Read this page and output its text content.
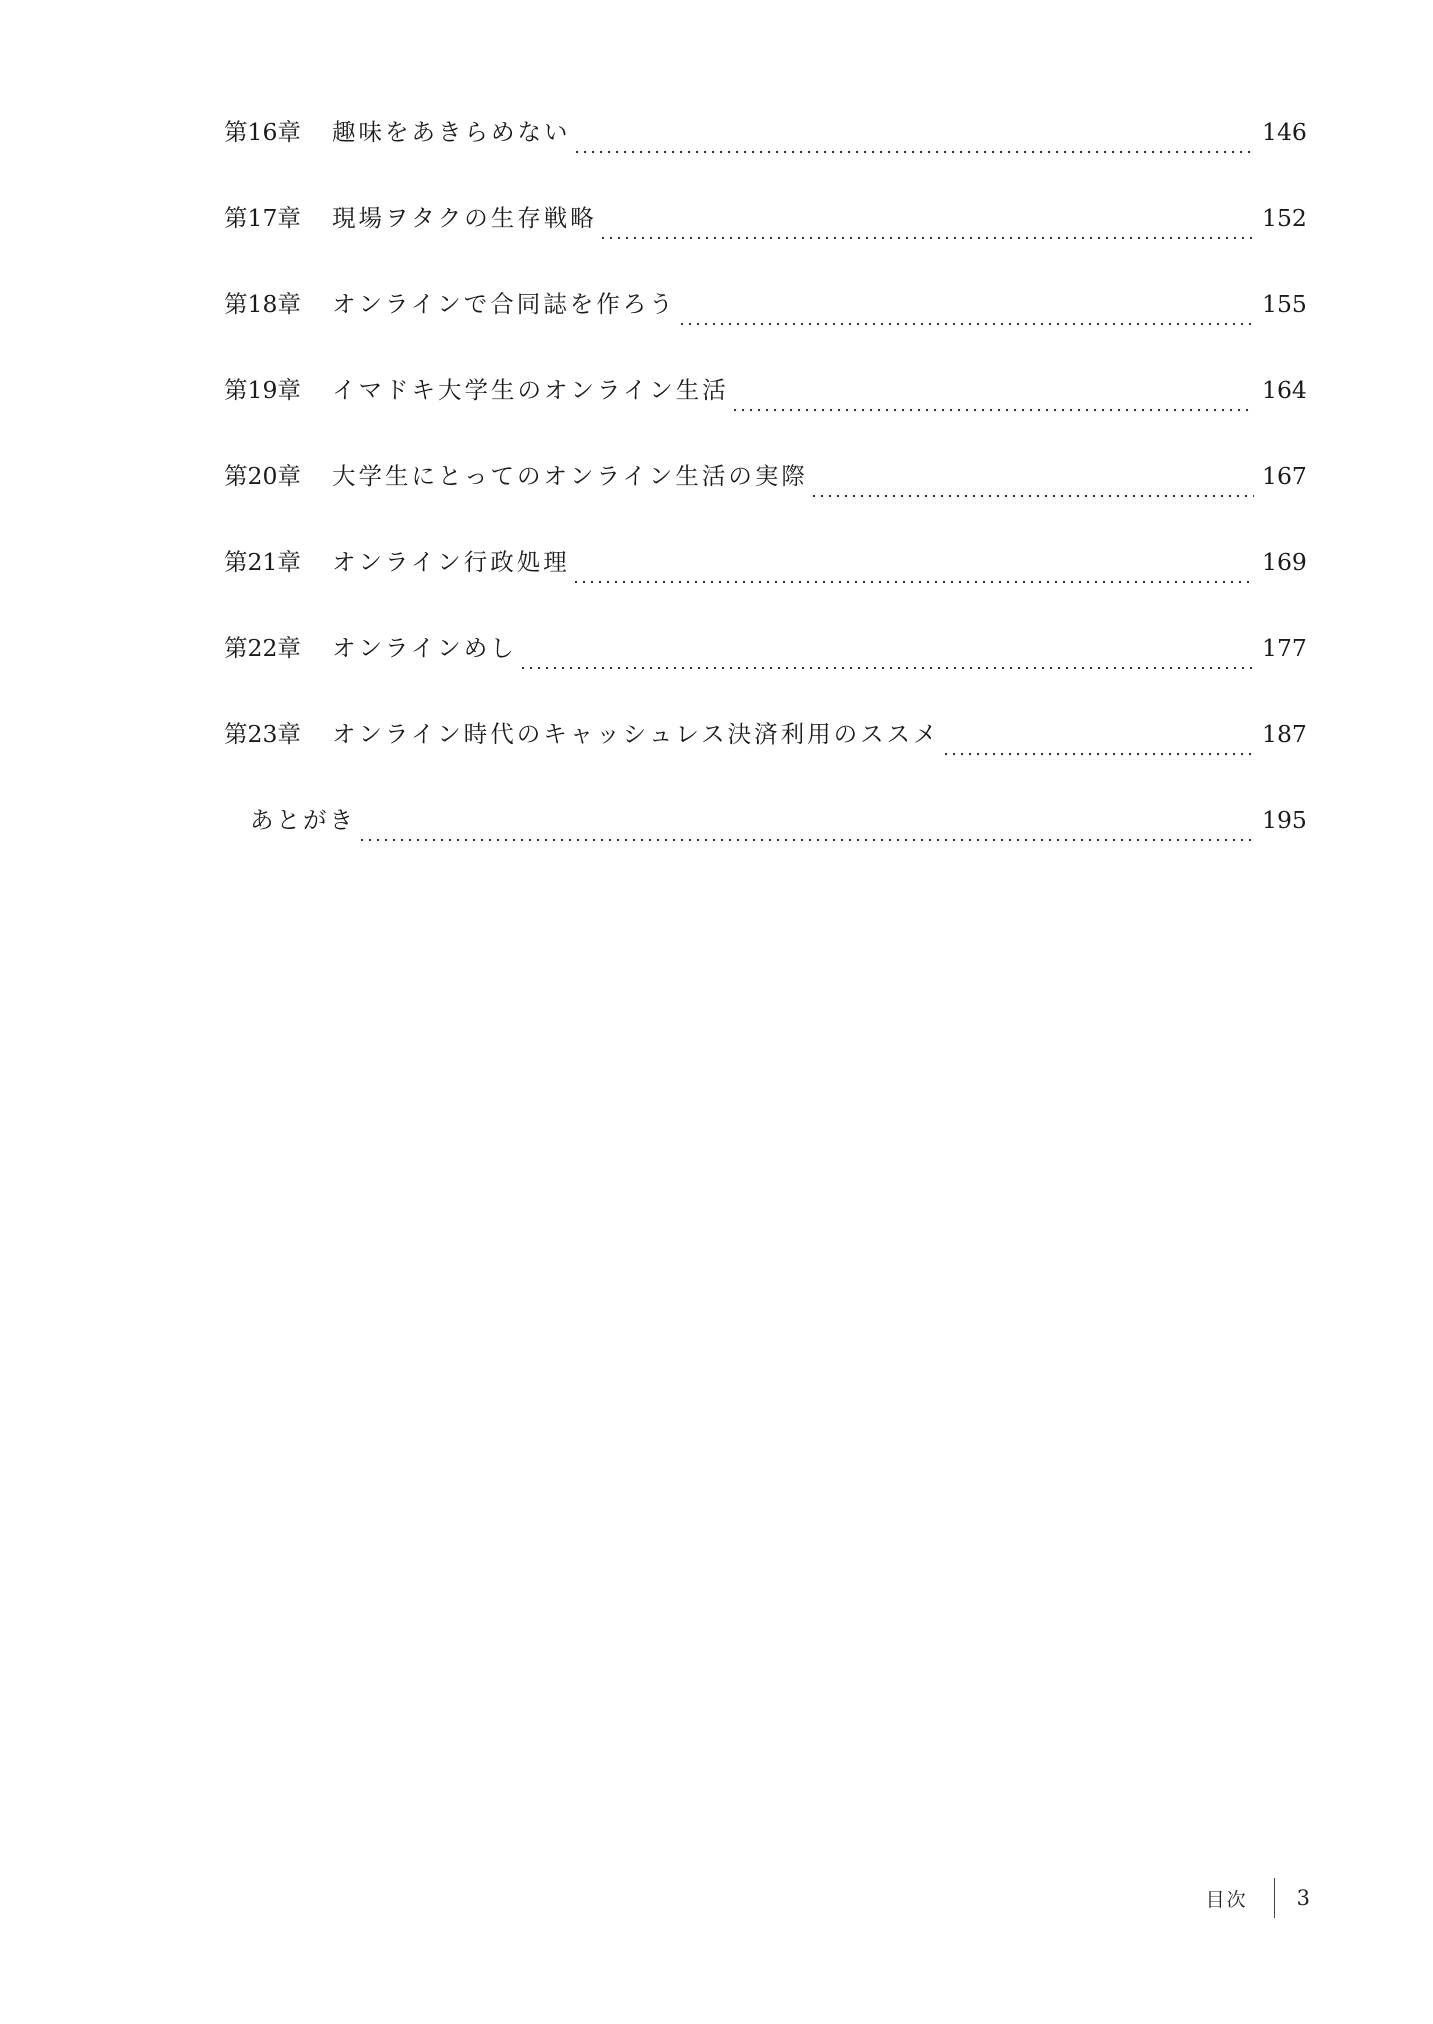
第16章	趣味をあきらめない	146
第17章	現場ヲタクの生存戦略	152
第18章	オンラインで合同誌を作ろう	155
第19章	イマドキ大学生のオンライン生活	164
第20章	大学生にとってのオンライン生活の実際	167
第21章	オンライン行政処理	169
第22章	オンラインめし	177
第23章	オンライン時代のキャッシュレス決済利用のススメ	187
あとがき	195
目次 3
